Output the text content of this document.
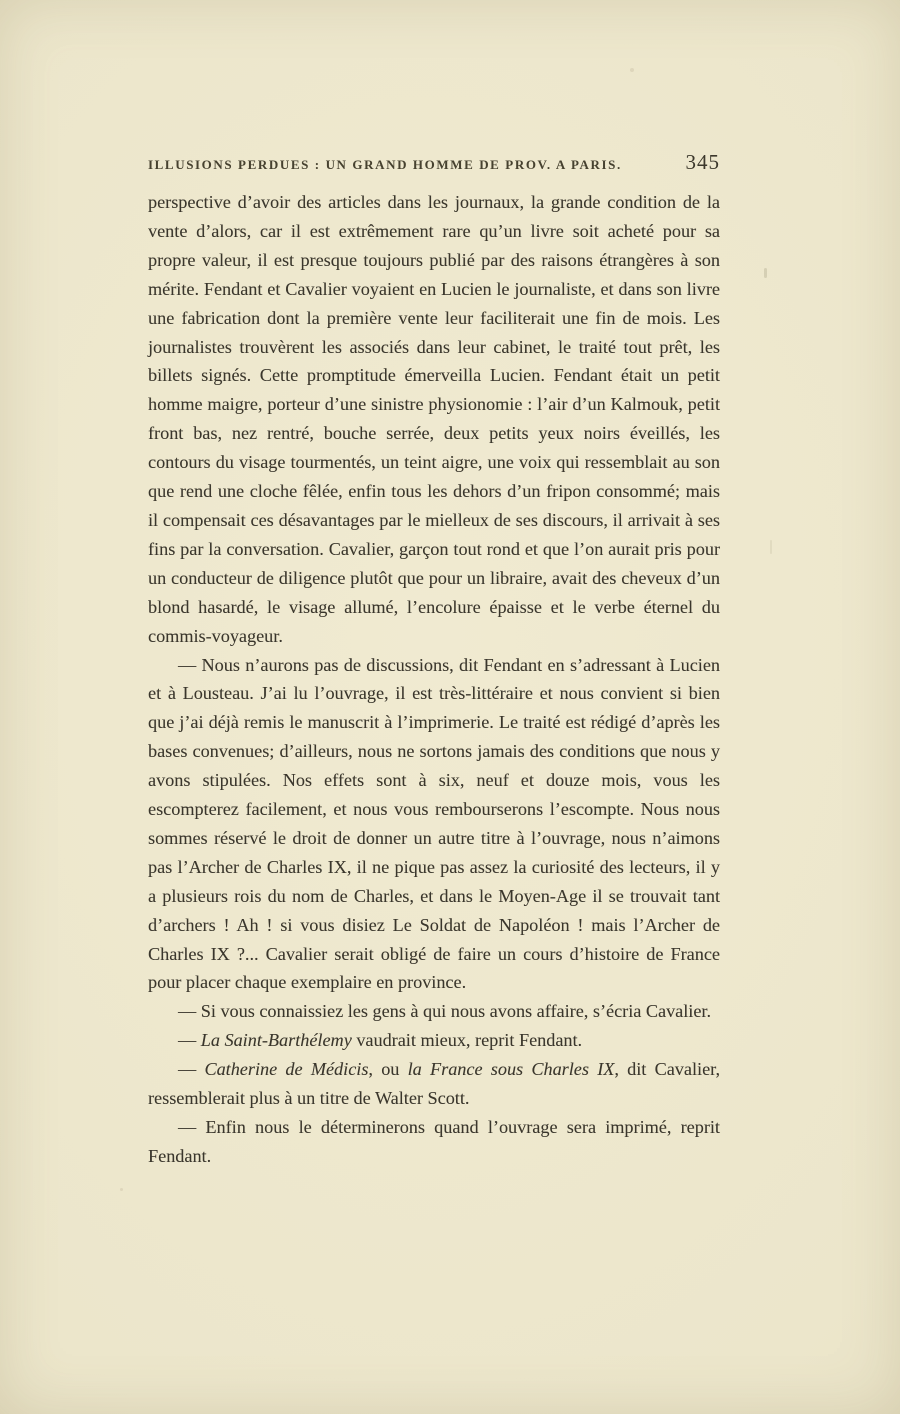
ILLUSIONS PERDUES : UN GRAND HOMME DE PROV. A PARIS.	345

perspective d’avoir des articles dans les journaux, la grande condition de la vente d’alors, car il est extrêmement rare qu’un livre soit acheté pour sa propre valeur, il est presque toujours publié par des raisons étrangères à son mérite. Fendant et Cavalier voyaient en Lucien le journaliste, et dans son livre une fabrication dont la première vente leur faciliterait une fin de mois. Les journalistes trouvèrent les associés dans leur cabinet, le traité tout prêt, les billets signés. Cette promptitude émerveilla Lucien. Fendant était un petit homme maigre, porteur d’une sinistre physionomie : l’air d’un Kalmouk, petit front bas, nez rentré, bouche serrée, deux petits yeux noirs éveillés, les contours du visage tourmentés, un teint aigre, une voix qui ressemblait au son que rend une cloche fêlée, enfin tous les dehors d’un fripon consommé; mais il compensait ces désavantages par le mielleux de ses discours, il arrivait à ses fins par la conversation. Cavalier, garçon tout rond et que l’on aurait pris pour un conducteur de diligence plutôt que pour un libraire, avait des cheveux d’un blond hasardé, le visage allumé, l’encolure épaisse et le verbe éternel du commis-voyageur.

— Nous n’aurons pas de discussions, dit Fendant en s’adressant à Lucien et à Lousteau. J’ai lu l’ouvrage, il est très-littéraire et nous convient si bien que j’ai déjà remis le manuscrit à l’imprimerie. Le traité est rédigé d’après les bases convenues; d’ailleurs, nous ne sortons jamais des conditions que nous y avons stipulées. Nos effets sont à six, neuf et douze mois, vous les escompterez facilement, et nous vous rembourserons l’escompte. Nous nous sommes réservé le droit de donner un autre titre à l’ouvrage, nous n’aimons pas l’Archer de Charles IX, il ne pique pas assez la curiosité des lecteurs, il y a plusieurs rois du nom de Charles, et dans le Moyen-Age il se trouvait tant d’archers ! Ah ! si vous disiez Le Soldat de Napoléon ! mais l’Archer de Charles IX ?... Cavalier serait obligé de faire un cours d’histoire de France pour placer chaque exemplaire en province.

— Si vous connaissiez les gens à qui nous avons affaire, s’écria Cavalier.

— La Saint-Barthélemy vaudrait mieux, reprit Fendant.

— Catherine de Médicis, ou la France sous Charles IX, dit Cavalier, ressemblerait plus à un titre de Walter Scott.

— Enfin nous le déterminerons quand l’ouvrage sera imprimé, reprit Fendant.
